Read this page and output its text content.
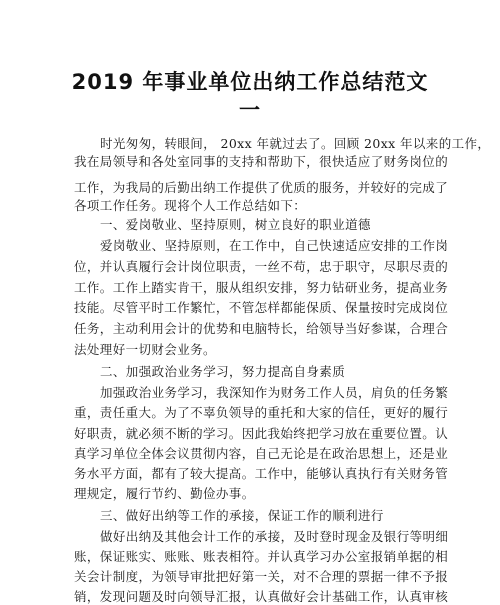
2019 年事业单位出纳工作总结范文
一
时光匆匆，转眼间， 20xx 年就过去了。回顾 20xx 年以来的工作，
我在局领导和各处室同事的支持和帮助下，很快适应了财务岗位的
工作，为我局的后勤出纳工作提供了优质的服务，并较好的完成了
各项工作任务。现将个人工作总结如下：
一、爱岗敬业、坚持原则，树立良好的职业道德
爱岗敬业、坚持原则，在工作中，自己快速适应安排的工作岗
位，并认真履行会计岗位职责，一丝不苟，忠于职守，尽职尽责的
工作。工作上踏实肯干，服从组织安排，努力钻研业务，提高业务
技能。尽管平时工作繁忙，不管怎样都能保质、保量按时完成岗位
任务，主动利用会计的优势和电脑特长，给领导当好参谋，合理合
法处理好一切财会业务。
二、加强政治业务学习，努力提高自身素质
加强政治业务学习，我深知作为财务工作人员，肩负的任务繁
重，责任重大。为了不辜负领导的重托和大家的信任，更好的履行
好职责，就必须不断的学习。因此我始终把学习放在重要位置。认
真学习单位全体会议贯彻内容，自己无论是在政治思想上，还是业
务水平方面，都有了较大提高。工作中，能够认真执行有关财务管
理规定，履行节约、勤俭办事。
三、做好出纳等工作的承接，保证工作的顺利进行
做好出纳及其他会计工作的承接，及时登时现金及银行等明细
账，保证账实、账账、账表相符。并认真学习办公室报销单据的相
关会计制度，为领导审批把好第一关，对不合理的票据一律不予报
销，发现问题及时向领导汇报，认真做好会计基础工作，认真审核
